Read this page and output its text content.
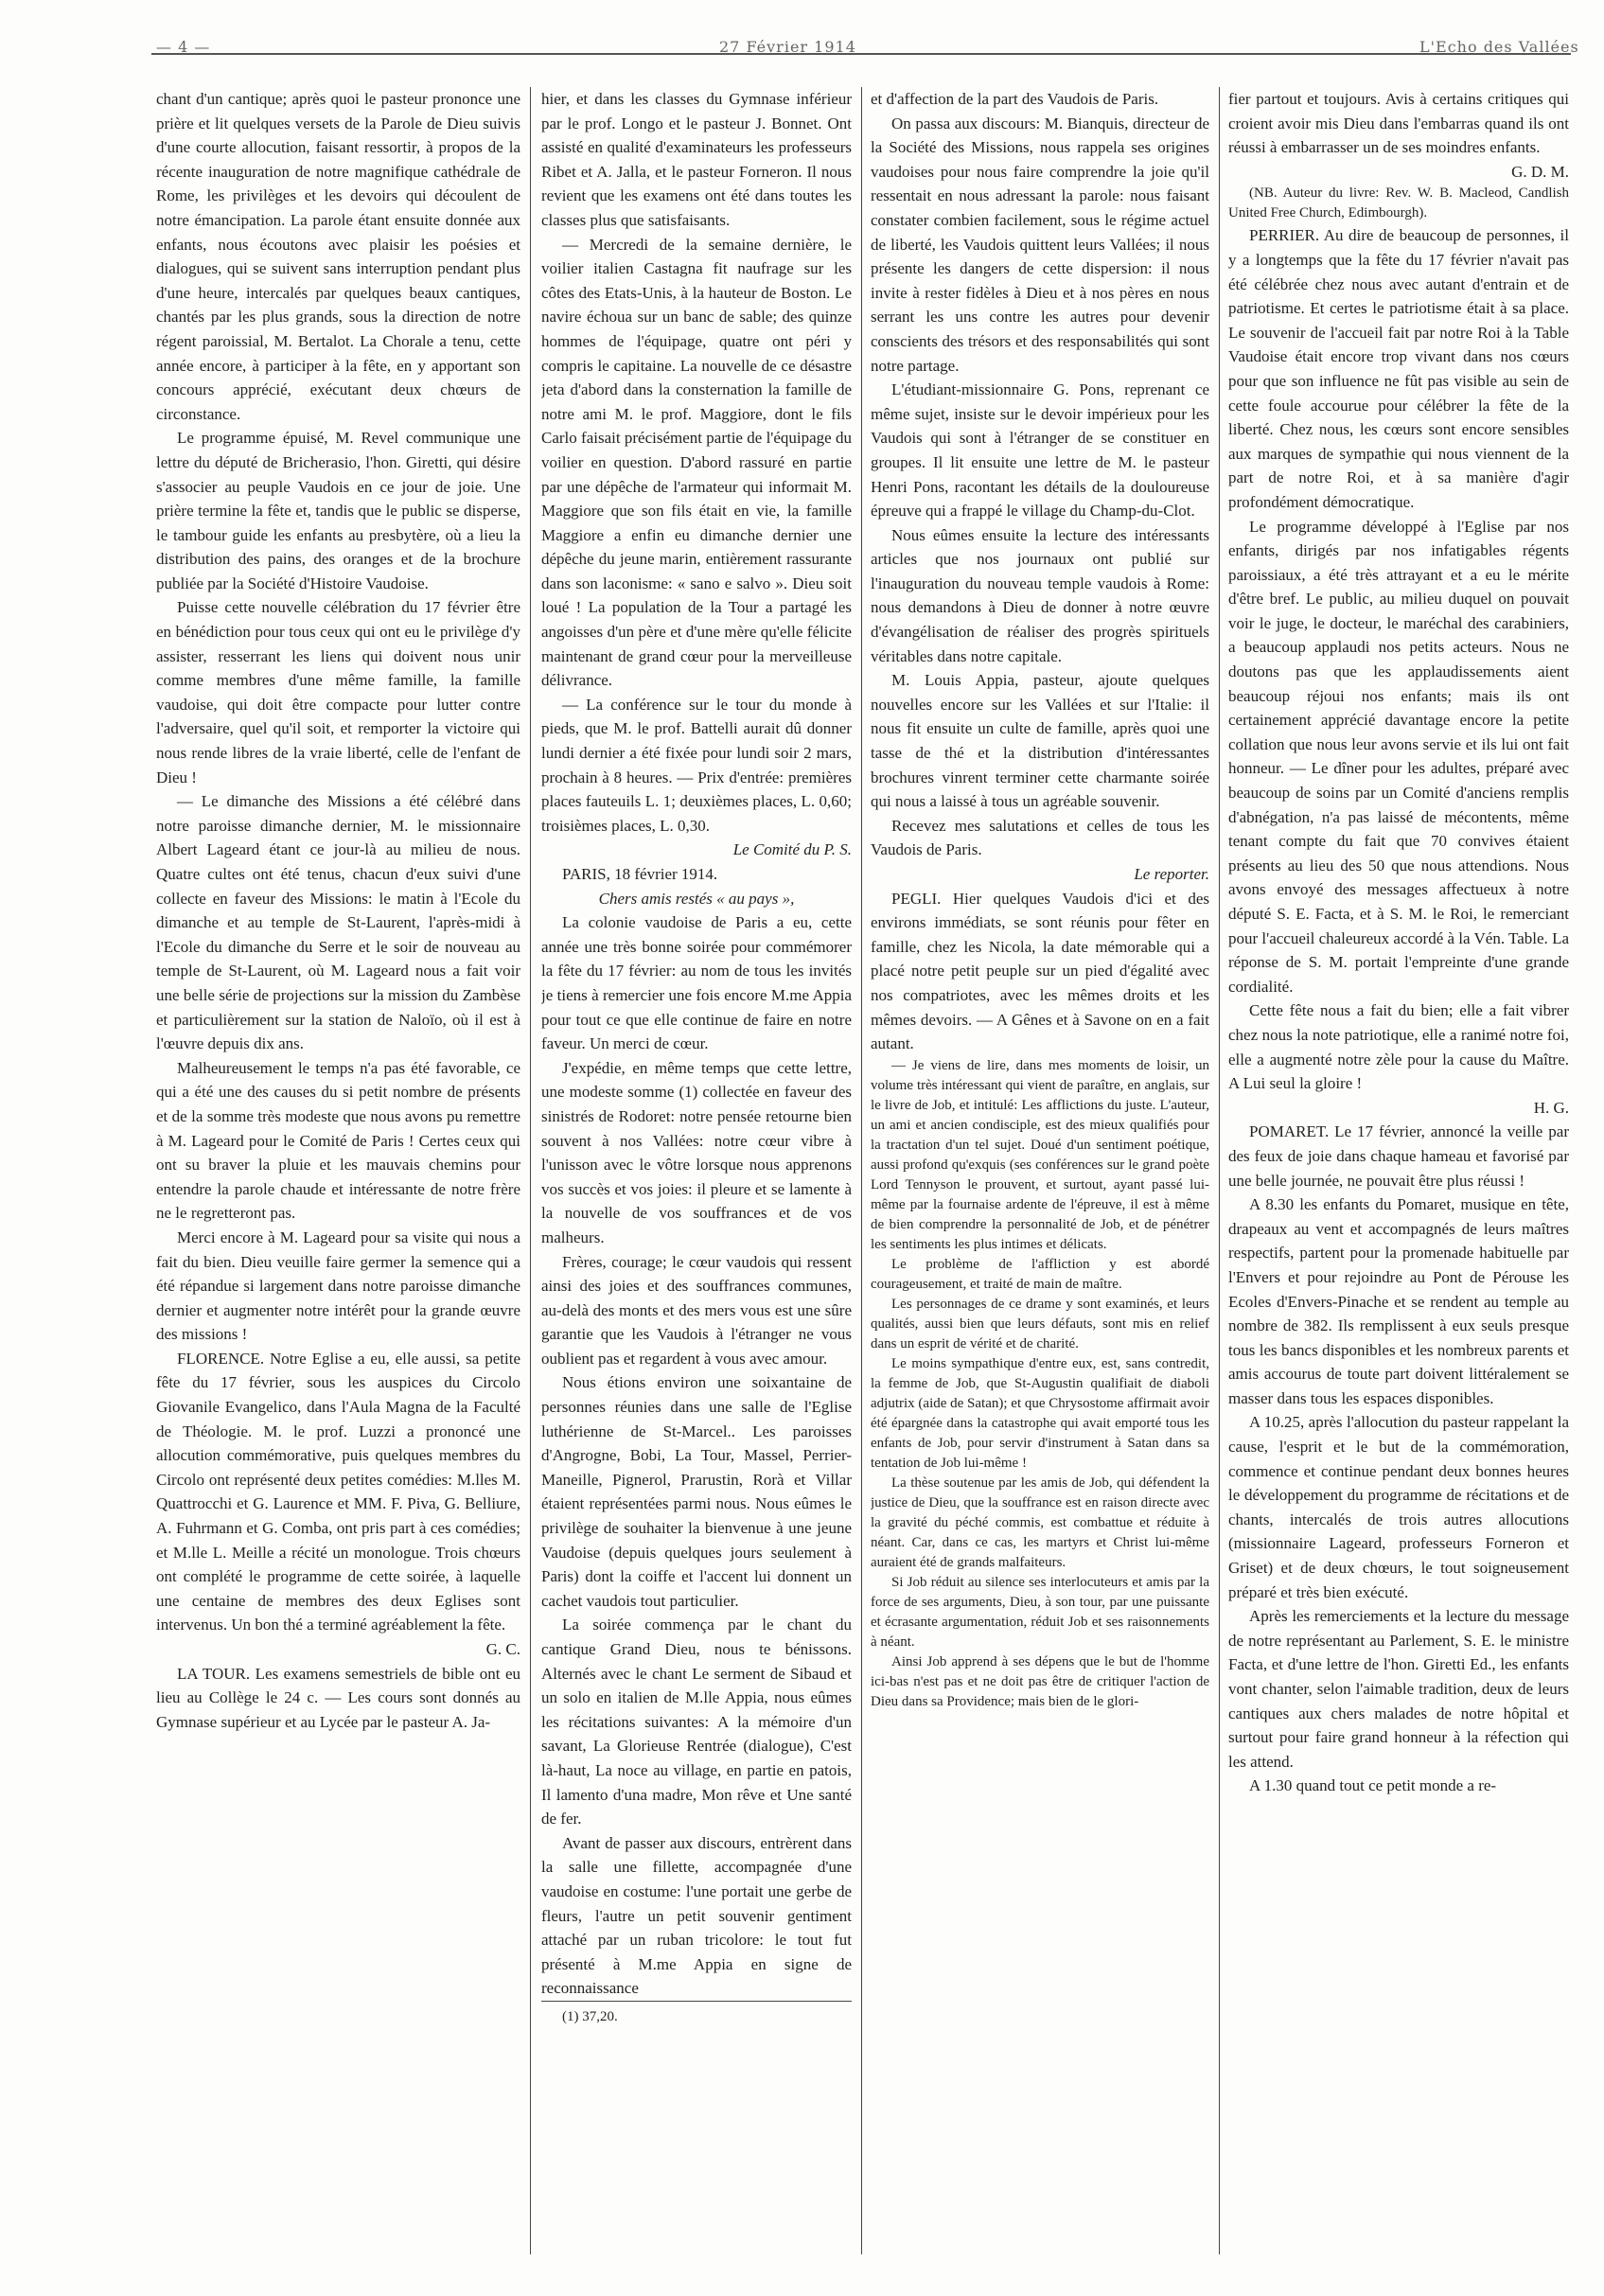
— 4 —	27 Février 1914	L'Echo des Vallées

chant d'un cantique; après quoi le pasteur prononce une prière et lit quelques versets de la Parole de Dieu suivis d'une courte allocution, faisant ressortir, à propos de la récente inauguration de notre magnifique cathédrale de Rome, les privilèges et les devoirs qui découlent de notre émancipation. La parole étant ensuite donnée aux enfants, nous écoutons avec plaisir les poésies et dialogues, qui se suivent sans interruption pendant plus d'une heure, intercalés par quelques beaux cantiques, chantés par les plus grands, sous la direction de notre régent paroissial, M. Bertalot. La Chorale a tenu, cette année encore, à participer à la fête, en y apportant son concours apprécié, exécutant deux chœurs de circonstance.

Le programme épuisé, M. Revel communique une lettre du député de Bricherasio, l'hon. Giretti, qui désire s'associer au peuple Vaudois en ce jour de joie. Une prière termine la fête et, tandis que le public se disperse, le tambour guide les enfants au presbytère, où a lieu la distribution des pains, des oranges et de la brochure publiée par la Société d'Histoire Vaudoise.

Puisse cette nouvelle célébration du 17 février être en bénédiction pour tous ceux qui ont eu le privilège d'y assister, resserrant les liens qui doivent nous unir comme membres d'une même famille, la famille vaudoise, qui doit être compacte pour lutter contre l'adversaire, quel qu'il soit, et remporter la victoire qui nous rende libres de la vraie liberté, celle de l'enfant de Dieu !

— Le dimanche des Missions a été célébré dans notre paroisse dimanche dernier, M. le missionnaire Albert Lageard étant ce jour-là au milieu de nous. Quatre cultes ont été tenus, chacun d'eux suivi d'une collecte en faveur des Missions: le matin à l'Ecole du dimanche et au temple de St-Laurent, l'après-midi à l'Ecole du dimanche du Serre et le soir de nouveau au temple de St-Laurent, où M. Lageard nous a fait voir une belle série de projections sur la mission du Zambèse et particulièrement sur la station de Naloïo, où il est à l'œuvre depuis dix ans.

Malheureusement le temps n'a pas été favorable, ce qui a été une des causes du si petit nombre de présents et de la somme très modeste que nous avons pu remettre à M. Lageard pour le Comité de Paris ! Certes ceux qui ont su braver la pluie et les mauvais chemins pour entendre la parole chaude et intéressante de notre frère ne le regretteront pas.

Merci encore à M. Lageard pour sa visite qui nous a fait du bien. Dieu veuille faire germer la semence qui a été répandue si largement dans notre paroisse dimanche dernier et augmenter notre intérêt pour la grande œuvre des missions !

FLORENCE. Notre Eglise a eu, elle aussi, sa petite fête du 17 février, sous les auspices du Circolo Giovanile Evangelico, dans l'Aula Magna de la Faculté de Théologie. M. le prof. Luzzi a prononcé une allocution commémorative, puis quelques membres du Circolo ont représenté deux petites comédies: M.lles M. Quattrocchi et G. Laurence et MM. F. Piva, G. Belliure, A. Fuhrmann et G. Comba, ont pris part à ces comédies; et M.lle L. Meille a récité un monologue. Trois chœurs ont complété le programme de cette soirée, à laquelle une centaine de membres des deux Eglises sont intervenus. Un bon thé a terminé agréablement la fête.

G. C.

LA TOUR. Les examens semestriels de bible ont eu lieu au Collège le 24 c. — Les cours sont donnés au Gymnase supérieur et au Lycée par le pasteur A. Ja-

hier, et dans les classes du Gymnase inférieur par le prof. Longo et le pasteur J. Bonnet. Ont assisté en qualité d'examinateurs les professeurs Ribet et A. Jalla, et le pasteur Forneron. Il nous revient que les examens ont été dans toutes les classes plus que satisfaisants.

— Mercredi de la semaine dernière, le voilier italien Castagna fit naufrage sur les côtes des Etats-Unis, à la hauteur de Boston. Le navire échoua sur un banc de sable; des quinze hommes de l'équipage, quatre ont péri y compris le capitaine. La nouvelle de ce désastre jeta d'abord dans la consternation la famille de notre ami M. le prof. Maggiore, dont le fils Carlo faisait précisément partie de l'équipage du voilier en question. D'abord rassuré en partie par une dépêche de l'armateur qui informait M. Maggiore que son fils était en vie, la famille Maggiore a enfin eu dimanche dernier une dépêche du jeune marin, entièrement rassurante dans son laconisme: « sano e salvo ». Dieu soit loué ! La population de la Tour a partagé les angoisses d'un père et d'une mère qu'elle félicite maintenant de grand cœur pour la merveilleuse délivrance.

— La conférence sur le tour du monde à pieds, que M. le prof. Battelli aurait dû donner lundi dernier a été fixée pour lundi soir 2 mars, prochain à 8 heures. — Prix d'entrée: premières places fauteuils L. 1; deuxièmes places, L. 0,60; troisièmes places, L. 0,30.

Le Comité du P. S.

PARIS, 18 février 1914.

Chers amis restés « au pays »,

La colonie vaudoise de Paris a eu, cette année une très bonne soirée pour commémorer la fête du 17 février: au nom de tous les invités je tiens à remercier une fois encore M.me Appia pour tout ce que elle continue de faire en notre faveur. Un merci de cœur.

J'expédie, en même temps que cette lettre, une modeste somme (1) collectée en faveur des sinistrés de Rodoret: notre pensée retourne bien souvent à nos Vallées: notre cœur vibre à l'unisson avec le vôtre lorsque nous apprenons vos succès et vos joies: il pleure et se lamente à la nouvelle de vos souffrances et de vos malheurs.

Frères, courage; le cœur vaudois qui ressent ainsi des joies et des souffrances communes, au-delà des monts et des mers vous est une sûre garantie que les Vaudois à l'étranger ne vous oublient pas et regardent à vous avec amour.

Nous étions environ une soixantaine de personnes réunies dans une salle de l'Eglise luthérienne de St-Marcel.. Les paroisses d'Angrogne, Bobi, La Tour, Massel, Perrier-Maneille, Pignerol, Prarustin, Rorà et Villar étaient représentées parmi nous. Nous eûmes le privilège de souhaiter la bienvenue à une jeune Vaudoise (depuis quelques jours seulement à Paris) dont la coiffe et l'accent lui donnent un cachet vaudois tout particulier.

La soirée commença par le chant du cantique Grand Dieu, nous te bénissons. Alternés avec le chant Le serment de Sibaud et un solo en italien de M.lle Appia, nous eûmes les récitations suivantes: A la mémoire d'un savant, La Glorieuse Rentrée (dialogue), C'est là-haut, La noce au village, en partie en patois, Il lamento d'una madre, Mon rêve et Une santé de fer.

Avant de passer aux discours, entrèrent dans la salle une fillette, accompagnée d'une vaudoise en costume: l'une portait une gerbe de fleurs, l'autre un petit souvenir gentiment attaché par un ruban tricolore: le tout fut présenté à M.me Appia en signe de reconnaissance

(1) 37,20.

et d'affection de la part des Vaudois de Paris.

On passa aux discours: M. Bianquis, directeur de la Société des Missions, nous rappela ses origines vaudoises pour nous faire comprendre la joie qu'il ressentait en nous adressant la parole: nous faisant constater combien facilement, sous le régime actuel de liberté, les Vaudois quittent leurs Vallées; il nous présente les dangers de cette dispersion: il nous invite à rester fidèles à Dieu et à nos pères en nous serrant les uns contre les autres pour devenir conscients des trésors et des responsabilités qui sont notre partage.

L'étudiant-missionnaire G. Pons, reprenant ce même sujet, insiste sur le devoir impérieux pour les Vaudois qui sont à l'étranger de se constituer en groupes. Il lit ensuite une lettre de M. le pasteur Henri Pons, racontant les détails de la douloureuse épreuve qui a frappé le village du Champ-du-Clot.

Nous eûmes ensuite la lecture des intéressants articles que nos journaux ont publié sur l'inauguration du nouveau temple vaudois à Rome: nous demandons à Dieu de donner à notre œuvre d'évangélisation de réaliser des progrès spirituels véritables dans notre capitale.

M. Louis Appia, pasteur, ajoute quelques nouvelles encore sur les Vallées et sur l'Italie: il nous fit ensuite un culte de famille, après quoi une tasse de thé et la distribution d'intéressantes brochures vinrent terminer cette charmante soirée qui nous a laissé à tous un agréable souvenir.

Recevez mes salutations et celles de tous les Vaudois de Paris.

Le reporter.

PEGLI. Hier quelques Vaudois d'ici et des environs immédiats, se sont réunis pour fêter en famille, chez les Nicola, la date mémorable qui a placé notre petit peuple sur un pied d'égalité avec nos compatriotes, avec les mêmes droits et les mêmes devoirs. — A Gênes et à Savone on en a fait autant.

— Je viens de lire, dans mes moments de loisir, un volume très intéressant qui vient de paraître, en anglais, sur le livre de Job, et intitulé: Les afflictions du juste. L'auteur, un ami et ancien condisciple, est des mieux qualifiés pour la tractation d'un tel sujet. Doué d'un sentiment poétique, aussi profond qu'exquis (ses conférences sur le grand poète Lord Tennyson le prouvent, et surtout, ayant passé lui-même par la fournaise ardente de l'épreuve, il est à même de bien comprendre la personnalité de Job, et de pénétrer les sentiments les plus intimes et délicats.

Le problème de l'affliction y est abordé courageusement, et traité de main de maître.

Les personnages de ce drame y sont examinés, et leurs qualités, aussi bien que leurs défauts, sont mis en relief dans un esprit de vérité et de charité.

Le moins sympathique d'entre eux, est, sans contredit, la femme de Job, que St-Augustin qualifiait de diaboli adjutrix (aide de Satan); et que Chrysostome affirmait avoir été épargnée dans la catastrophe qui avait emporté tous les enfants de Job, pour servir d'instrument à Satan dans sa tentation de Job lui-même !

La thèse soutenue par les amis de Job, qui défendent la justice de Dieu, que la souffrance est en raison directe avec la gravité du péché commis, est combattue et réduite à néant. Car, dans ce cas, les martyrs et Christ lui-même auraient été de grands malfaiteurs.

Si Job réduit au silence ses interlocuteurs et amis par la force de ses arguments, Dieu, à son tour, par une puissante et écrasante argumentation, réduit Job et ses raisonnements à néant.

Ainsi Job apprend à ses dépens que le but de l'homme ici-bas n'est pas et ne doit pas être de critiquer l'action de Dieu dans sa Providence; mais bien de le glori-

fier partout et toujours. Avis à certains critiques qui croient avoir mis Dieu dans l'embarras quand ils ont réussi à embarrasser un de ses moindres enfants.

G. D. M.

(NB. Auteur du livre: Rev. W. B. Macleod, Candlish United Free Church, Edimbourgh).

PERRIER. Au dire de beaucoup de personnes, il y a longtemps que la fête du 17 février n'avait pas été célébrée chez nous avec autant d'entrain et de patriotisme. Et certes le patriotisme était à sa place. Le souvenir de l'accueil fait par notre Roi à la Table Vaudoise était encore trop vivant dans nos cœurs pour que son influence ne fût pas visible au sein de cette foule accourue pour célébrer la fête de la liberté. Chez nous, les cœurs sont encore sensibles aux marques de sympathie qui nous viennent de la part de notre Roi, et à sa manière d'agir profondément démocratique.

Le programme développé à l'Eglise par nos enfants, dirigés par nos infatigables régents paroissiaux, a été très attrayant et a eu le mérite d'être bref. Le public, au milieu duquel on pouvait voir le juge, le docteur, le maréchal des carabiniers, a beaucoup applaudi nos petits acteurs. Nous ne doutons pas que les applaudissements aient beaucoup réjoui nos enfants; mais ils ont certainement apprécié davantage encore la petite collation que nous leur avons servie et ils lui ont fait honneur. — Le dîner pour les adultes, préparé avec beaucoup de soins par un Comité d'anciens remplis d'abnégation, n'a pas laissé de mécontents, même tenant compte du fait que 70 convives étaient présents au lieu des 50 que nous attendions. Nous avons envoyé des messages affectueux à notre député S. E. Facta, et à S. M. le Roi, le remerciant pour l'accueil chaleureux accordé à la Vén. Table. La réponse de S. M. portait l'empreinte d'une grande cordialité.

Cette fête nous a fait du bien; elle a fait vibrer chez nous la note patriotique, elle a ranimé notre foi, elle a augmenté notre zèle pour la cause du Maître. A Lui seul la gloire !

H. G.

POMARET. Le 17 février, annoncé la veille par des feux de joie dans chaque hameau et favorisé par une belle journée, ne pouvait être plus réussi !

A 8.30 les enfants du Pomaret, musique en tête, drapeaux au vent et accompagnés de leurs maîtres respectifs, partent pour la promenade habituelle par l'Envers et pour rejoindre au Pont de Pérouse les Ecoles d'Envers-Pinache et se rendent au temple au nombre de 382. Ils remplissent à eux seuls presque tous les bancs disponibles et les nombreux parents et amis accourus de toute part doivent littéralement se masser dans tous les espaces disponibles.

A 10.25, après l'allocution du pasteur rappelant la cause, l'esprit et le but de la commémoration, commence et continue pendant deux bonnes heures le développement du programme de récitations et de chants, intercalés de trois autres allocutions (missionnaire Lageard, professeurs Forneron et Griset) et de deux chœurs, le tout soigneusement préparé et très bien exécuté.

Après les remerciements et la lecture du message de notre représentant au Parlement, S. E. le ministre Facta, et d'une lettre de l'hon. Giretti Ed., les enfants vont chanter, selon l'aimable tradition, deux de leurs cantiques aux chers malades de notre hôpital et surtout pour faire grand honneur à la réfection qui les attend.

A 1.30 quand tout ce petit monde a re-
